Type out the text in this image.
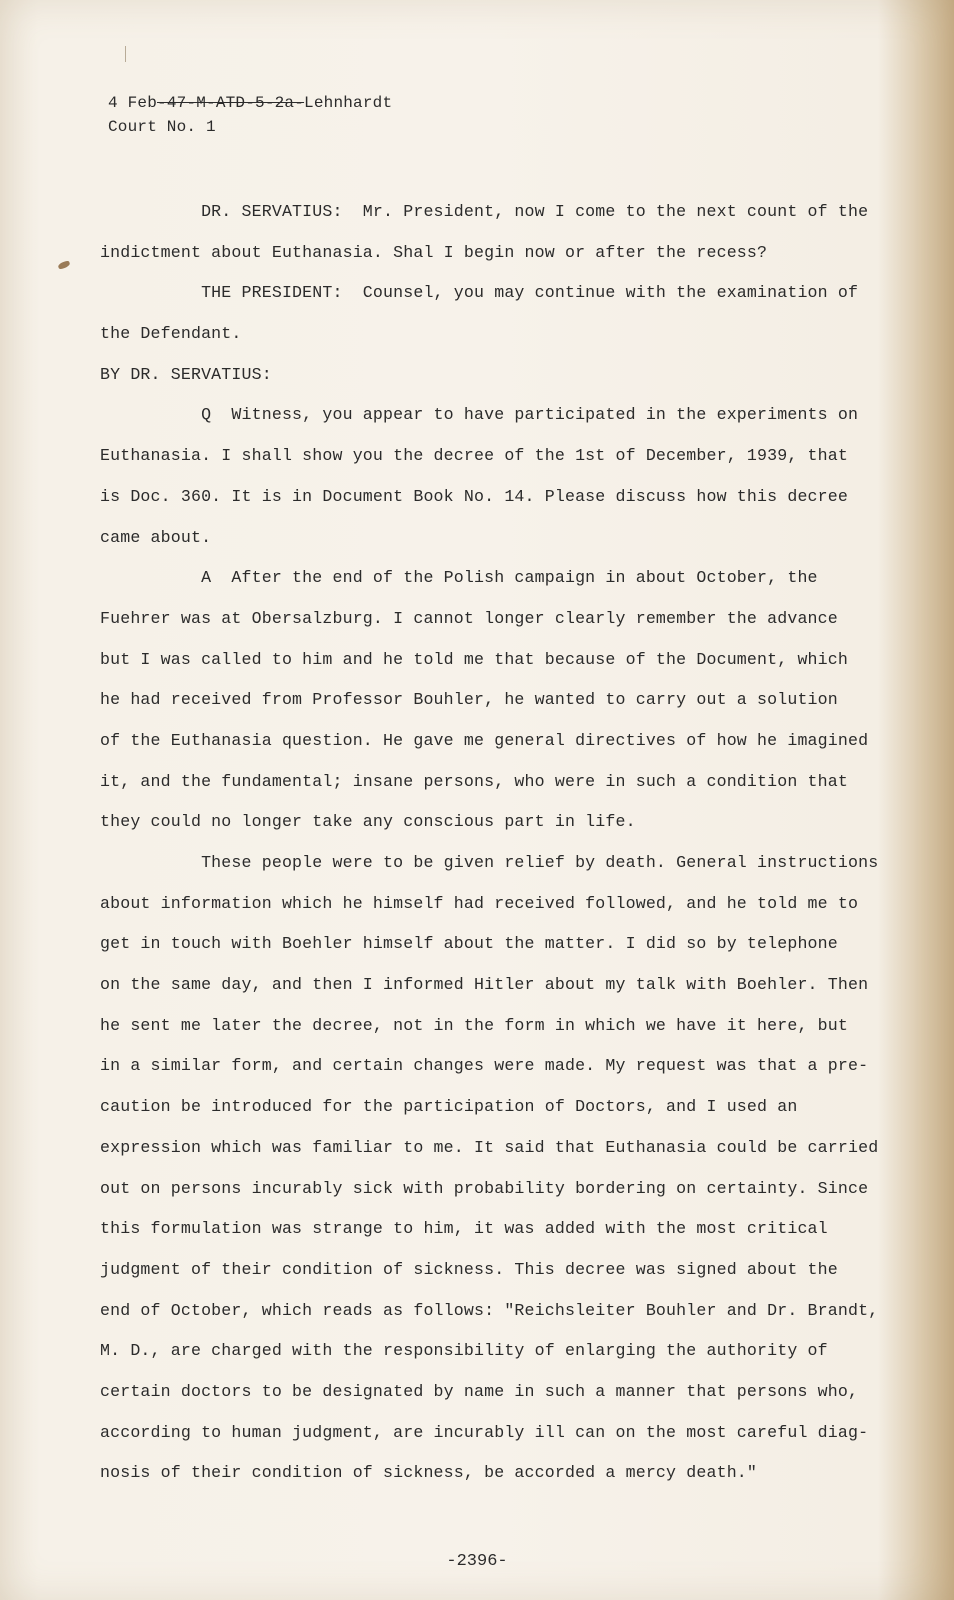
4 Feb-47-M-ATD-5-2a-Lehnhardt
Court No. 1
DR. SERVATIUS:  Mr. President, now I come to the next count of the
indictment about Euthanasia. Shal I begin now or after the recess?
THE PRESIDENT:  Counsel, you may continue with the examination of
the Defendant.
BY DR. SERVATIUS:
Q  Witness, you appear to have participated in the experiments on
Euthanasia. I shall show you the decree of the 1st of December, 1939, that
is Doc. 360. It is in Document Book No. 14. Please discuss how this decree
came about.
A  After the end of the Polish campaign in about October, the
Fuehrer was at Obersalzburg. I cannot longer clearly remember the advance
but I was called to him and he told me that because of the Document, which
he had received from Professor Bouhler, he wanted to carry out a solution
of the Euthanasia question. He gave me general directives of how he imagined
it, and the fundamental; insane persons, who were in such a condition that
they could no longer take any conscious part in life.
These people were to be given relief by death. General instructions
about information which he himself had received followed, and he told me to
get in touch with Boehler himself about the matter. I did so by telephone
on the same day, and then I informed Hitler about my talk with Boehler. Then
he sent me later the decree, not in the form in which we have it here, but
in a similar form, and certain changes were made. My request was that a pre-
caution be introduced for the participation of Doctors, and I used an
expression which was familiar to me. It said that Euthanasia could be carried
out on persons incurably sick with probability bordering on certainty. Since
this formulation was strange to him, it was added with the most critical
judgment of their condition of sickness. This decree was signed about the
end of October, which reads as follows: "Reichsleiter Bouhler and Dr. Brandt,
M. D., are charged with the responsibility of enlarging the authority of
certain doctors to be designated by name in such a manner that persons who,
according to human judgment, are incurably ill can on the most careful diag-
nosis of their condition of sickness, be accorded a mercy death."
-2396-
